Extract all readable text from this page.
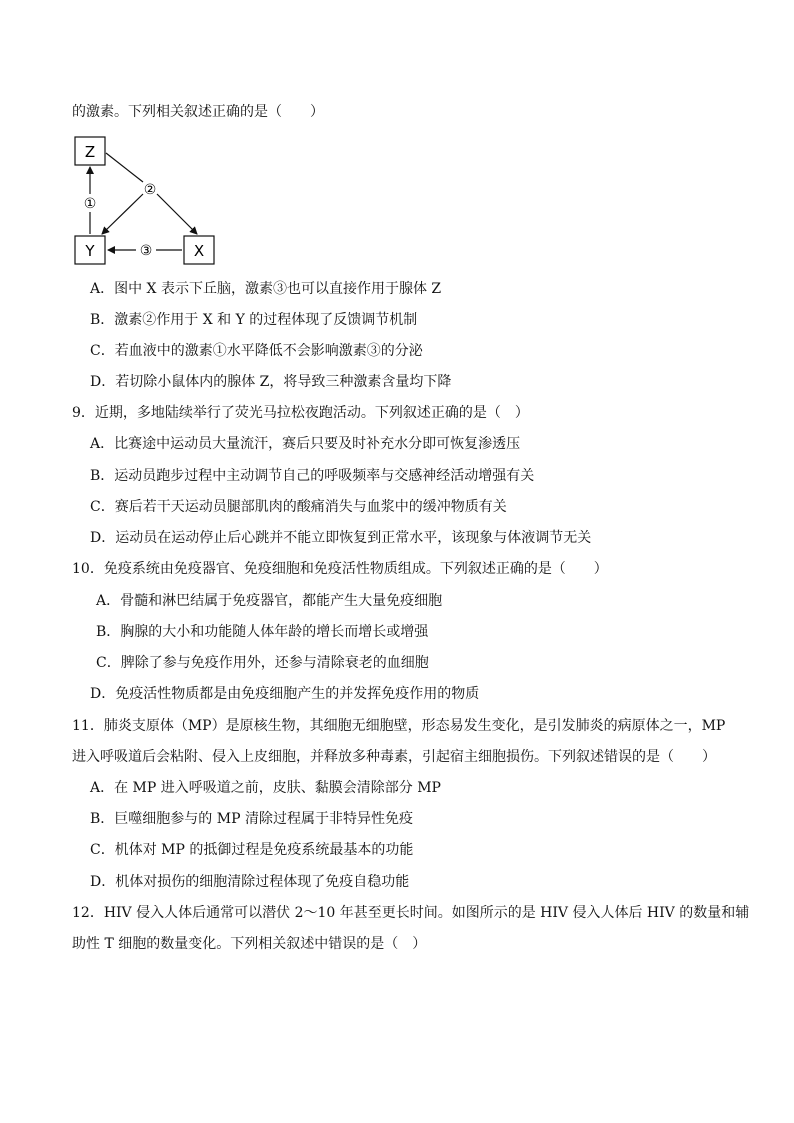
的激素。下列相关叙述正确的是（　　）
Z
Y	X
①
②
③
A．图中 X 表示下丘脑，激素③也可以直接作用于腺体 Z
B．激素②作用于 X 和 Y 的过程体现了反馈调节机制
C．若血液中的激素①水平降低不会影响激素③的分泌
D．若切除小鼠体内的腺体 Z，将导致三种激素含量均下降
9．近期，多地陆续举行了荧光马拉松夜跑活动。下列叙述正确的是（　）
A．比赛途中运动员大量流汗，赛后只要及时补充水分即可恢复渗透压
B．运动员跑步过程中主动调节自己的呼吸频率与交感神经活动增强有关
C．赛后若干天运动员腿部肌肉的酸痛消失与血浆中的缓冲物质有关
D．运动员在运动停止后心跳并不能立即恢复到正常水平，该现象与体液调节无关
10．免疫系统由免疫器官、免疫细胞和免疫活性物质组成。下列叙述正确的是（　　）
A．骨髓和淋巴结属于免疫器官，都能产生大量免疫细胞
B．胸腺的大小和功能随人体年龄的增长而增长或增强
C．脾除了参与免疫作用外，还参与清除衰老的血细胞
D．免疫活性物质都是由免疫细胞产生的并发挥免疫作用的物质
11．肺炎支原体（MP）是原核生物，其细胞无细胞壁，形态易发生变化，是引发肺炎的病原体之一，MP
进入呼吸道后会粘附、侵入上皮细胞，并释放多种毒素，引起宿主细胞损伤。下列叙述错误的是（　　）
A．在 MP 进入呼吸道之前，皮肤、黏膜会清除部分 MP
B．巨噬细胞参与的 MP 清除过程属于非特异性免疫
C．机体对 MP 的抵御过程是免疫系统最基本的功能
D．机体对损伤的细胞清除过程体现了免疫自稳功能
12．HIV 侵入人体后通常可以潜伏 2～10 年甚至更长时间。如图所示的是 HIV 侵入人体后 HIV 的数量和辅
助性 T 细胞的数量变化。下列相关叙述中错误的是（　）
